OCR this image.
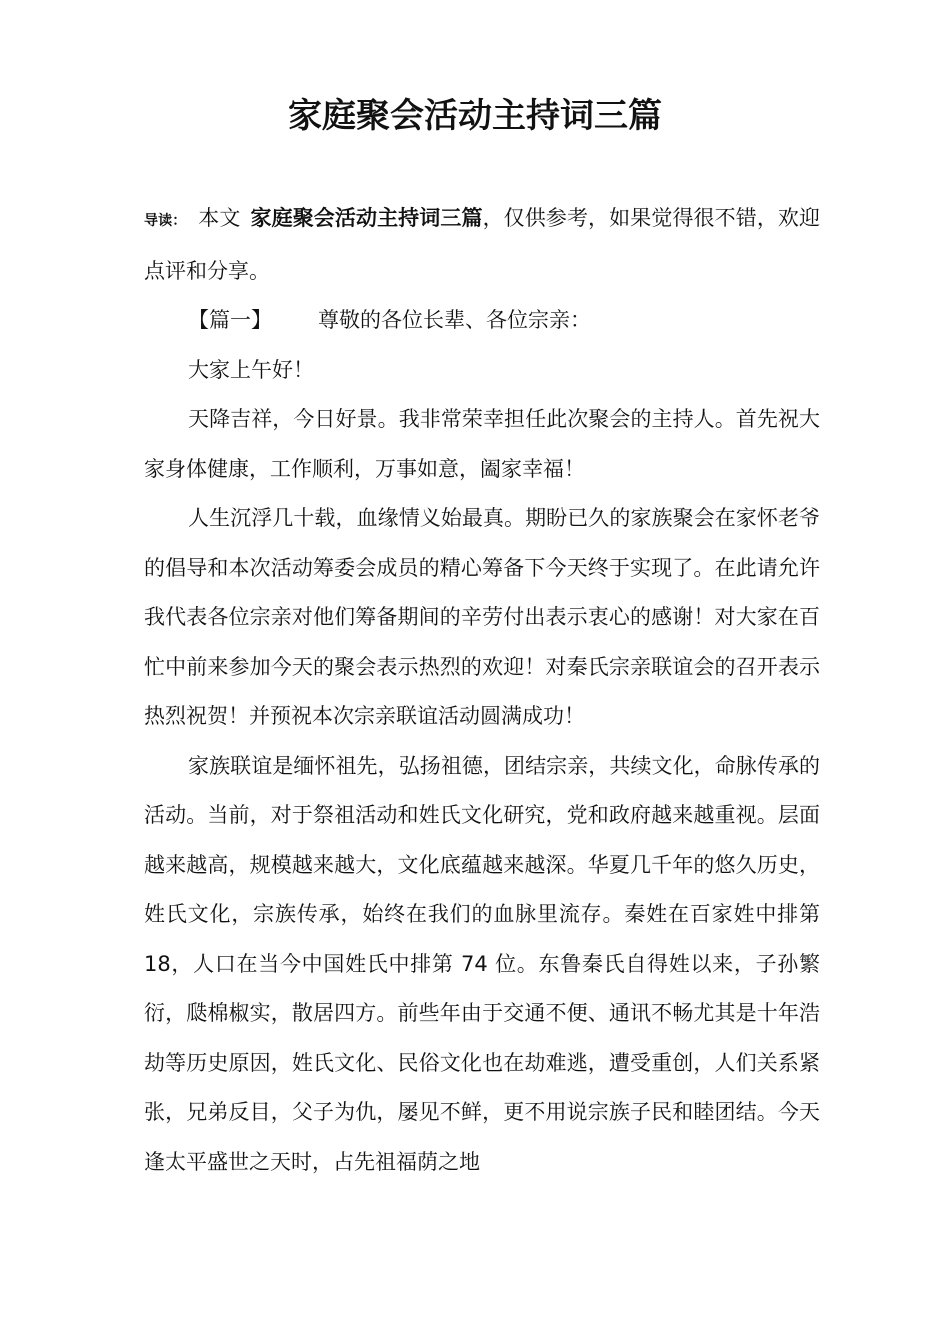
家庭聚会活动主持词三篇

导读： 本文 家庭聚会活动主持词三篇，仅供参考，如果觉得很不错，欢迎点评和分享。

【篇一】 尊敬的各位长辈、各位宗亲：

大家上午好！

天降吉祥，今日好景。我非常荣幸担任此次聚会的主持人。首先祝大家身体健康，工作顺利，万事如意，阖家幸福！

人生沉浮几十载，血缘情义始最真。期盼已久的家族聚会在家怀老爷的倡导和本次活动筹委会成员的精心筹备下今天终于实现了。在此请允许我代表各位宗亲对他们筹备期间的辛劳付出表示衷心的感谢！对大家在百忙中前来参加今天的聚会表示热烈的欢迎！对秦氏宗亲联谊会的召开表示热烈祝贺！并预祝本次宗亲联谊活动圆满成功！

家族联谊是缅怀祖先，弘扬祖德，团结宗亲，共续文化，命脉传承的活动。当前，对于祭祖活动和姓氏文化研究，党和政府越来越重视。层面越来越高，规模越来越大，文化底蕴越来越深。华夏几千年的悠久历史，姓氏文化，宗族传承，始终在我们的血脉里流存。秦姓在百家姓中排第 18，人口在当今中国姓氏中排第 74 位。东鲁秦氏自得姓以来，子孙繁衍，瓞棉椒实，散居四方。前些年由于交通不便、通讯不畅尤其是十年浩劫等历史原因，姓氏文化、民俗文化也在劫难逃，遭受重创，人们关系紧张，兄弟反目，父子为仇，屡见不鲜，更不用说宗族子民和睦团结。今天逢太平盛世之天时，占先祖福荫之地
